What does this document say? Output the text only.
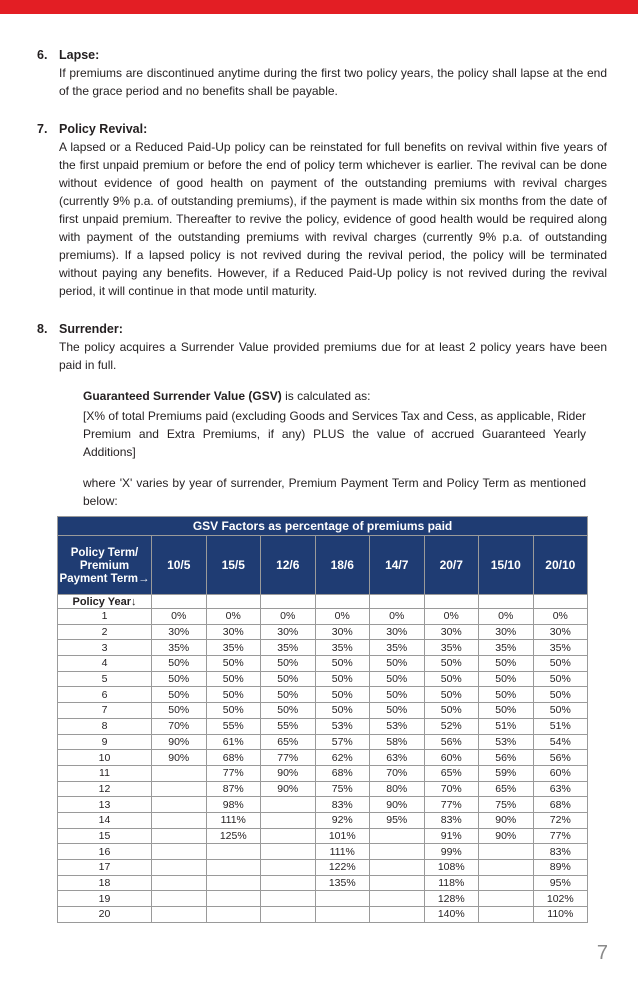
6. Lapse:
If premiums are discontinued anytime during the first two policy years, the policy shall lapse at the end of the grace period and no benefits shall be payable.
7. Policy Revival:
A lapsed or a Reduced Paid-Up policy can be reinstated for full benefits on revival within five years of the first unpaid premium or before the end of policy term whichever is earlier. The revival can be done without evidence of good health on payment of the outstanding premiums with revival charges (currently 9% p.a. of outstanding premiums), if the payment is made within six months from the date of first unpaid premium. Thereafter to revive the policy, evidence of good health would be required along with payment of the outstanding premiums with revival charges (currently 9% p.a. of outstanding premiums). If a lapsed policy is not revived during the revival period, the policy will be terminated without paying any benefits. However, if a Reduced Paid-Up policy is not revived during the revival period, it will continue in that mode until maturity.
8. Surrender:
The policy acquires a Surrender Value provided premiums due for at least 2 policy years have been paid in full.
Guaranteed Surrender Value (GSV) is calculated as:
[X% of total Premiums paid (excluding Goods and Services Tax and Cess, as applicable, Rider Premium and Extra Premiums, if any) PLUS the value of accrued Guaranteed Yearly Additions]
where 'X' varies by year of surrender, Premium Payment Term and Policy Term as mentioned below:
GSV Factors as percentage of premiums paid								
Policy Term/ Premium Payment Term→	10/5	15/5	12/6	18/6	14/7	20/7	15/10	20/10
Policy Year↓								
1	0%	0%	0%	0%	0%	0%	0%	0%
2	30%	30%	30%	30%	30%	30%	30%	30%
3	35%	35%	35%	35%	35%	35%	35%	35%
4	50%	50%	50%	50%	50%	50%	50%	50%
5	50%	50%	50%	50%	50%	50%	50%	50%
6	50%	50%	50%	50%	50%	50%	50%	50%
7	50%	50%	50%	50%	50%	50%	50%	50%
8	70%	55%	55%	53%	53%	52%	51%	51%
9	90%	61%	65%	57%	58%	56%	53%	54%
10	90%	68%	77%	62%	63%	60%	56%	56%
11		77%	90%	68%	70%	65%	59%	60%
12		87%	90%	75%	80%	70%	65%	63%
13		98%		83%	90%	77%	75%	68%
14		111%		92%	95%	83%	90%	72%
15		125%		101%		91%	90%	77%
16				111%		99%		83%
17				122%		108%		89%
18				135%		118%		95%
19						128%		102%
20						140%		110%
7
